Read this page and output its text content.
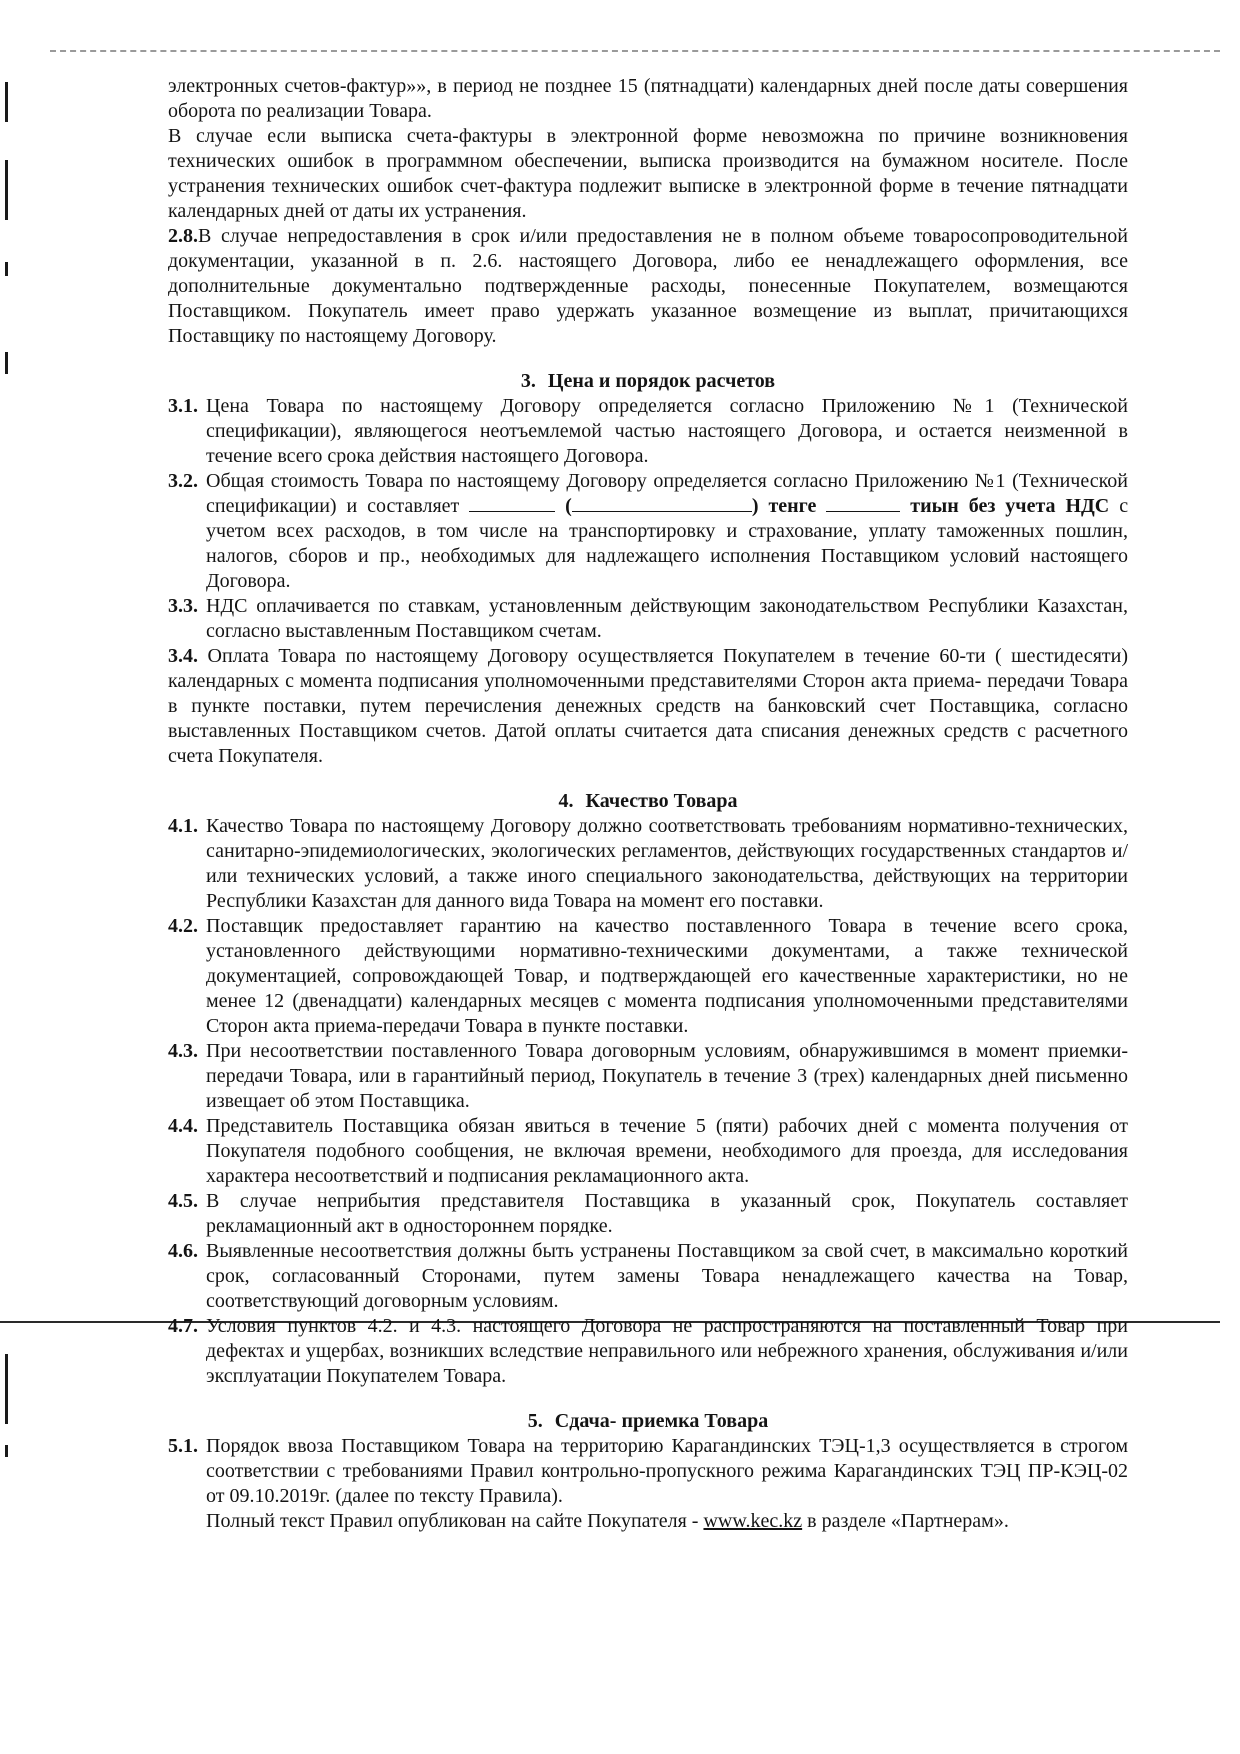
электронных счетов-фактур»», в период не позднее 15 (пятнадцати) календарных дней после даты совершения оборота по реализации Товара.

В случае если выписка счета-фактуры в электронной форме невозможна по причине возникновения технических ошибок в программном обеспечении, выписка производится на бумажном носителе. После устранения технических ошибок счет-фактура подлежит выписке в электронной форме в течение пятнадцати календарных дней от даты их устранения.

2.8.В случае непредоставления в срок и/или предоставления не в полном объеме товаросопроводительной документации, указанной в п. 2.6. настоящего Договора, либо ее ненадлежащего оформления, все дополнительные документально подтвержденные расходы, понесенные Покупателем, возмещаются Поставщиком. Покупатель имеет право удержать указанное возмещение из выплат, причитающихся Поставщику по настоящему Договору.

3. Цена и порядок расчетов
3.1. Цена Товара по настоящему Договору определяется согласно Приложению №1 (Технической спецификации), являющегося неотъемлемой частью настоящего Договора, и остается неизменной в течение всего срока действия настоящего Договора.
3.2. Общая стоимость Товара по настоящему Договору определяется согласно Приложению №1 (Технической спецификации) и составляет	(	) тенге	тиын без учета НДС с учетом всех расходов, в том числе на транспортировку и страхование, уплату таможенных пошлин, налогов, сборов и пр., необходимых для надлежащего исполнения Поставщиком условий настоящего Договора.
3.3. НДС оплачивается по ставкам, установленным действующим законодательством Республики Казахстан, согласно выставленным Поставщиком счетам.

3.4. Оплата Товара по настоящему Договору осуществляется Покупателем в течение 60-ти ( шестидесяти) календарных с момента подписания уполномоченными представителями Сторон акта приема- передачи Товара в пункте поставки, путем перечисления денежных средств на банковский счет Поставщика, согласно выставленных Поставщиком счетов. Датой оплаты считается дата списания денежных средств с расчетного счета Покупателя.

4. Качество Товара
4.1. Качество Товара по настоящему Договору должно соответствовать требованиям нормативно-технических, санитарно-эпидемиологических, экологических регламентов, действующих государственных стандартов и/или технических условий, а также иного специального законодательства, действующих на территории Республики Казахстан для данного вида Товара на момент его поставки.
4.2. Поставщик предоставляет гарантию на качество поставленного Товара в течение всего срока, установленного действующими нормативно-техническими документами, а также технической документацией, сопровождающей Товар, и подтверждающей его качественные характеристики, но не менее 12 (двенадцати) календарных месяцев с момента подписания уполномоченными представителями Сторон акта приема-передачи Товара в пункте поставки.
4.3. При несоответствии поставленного Товара договорным условиям, обнаружившимся в момент приемки-передачи Товара, или в гарантийный период, Покупатель в течение 3 (трех) календарных дней письменно извещает об этом Поставщика.
4.4. Представитель Поставщика обязан явиться в течение 5 (пяти) рабочих дней с момента получения от Покупателя подобного сообщения, не включая времени, необходимого для проезда, для исследования характера несоответствий и подписания рекламационного акта.
4.5. В случае неприбытия представителя Поставщика в указанный срок, Покупатель составляет рекламационный акт в одностороннем порядке.
4.6. Выявленные несоответствия должны быть устранены Поставщиком за свой счет, в максимально короткий срок, согласованный Сторонами, путем замены Товара ненадлежащего качества на Товар, соответствующий договорным условиям.
4.7. Условия пунктов 4.2. и 4.3. настоящего Договора не распространяются на поставленный Товар при дефектах и ущербах, возникших вследствие неправильного или небрежного хранения, обслуживания и/или эксплуатации Покупателем Товара.
5. Сдача- приемка Товара
5.1. Порядок ввоза Поставщиком Товара на территорию Карагандинских ТЭЦ-1,3 осуществляется в строгом соответствии с требованиями Правил контрольно-пропускного режима Карагандинских ТЭЦ ПР-КЭЦ-02 от 09.10.2019г. (далее по тексту Правила).
Полный текст Правил опубликован на сайте Покупателя - www.kec.kz в разделе «Партнерам».
